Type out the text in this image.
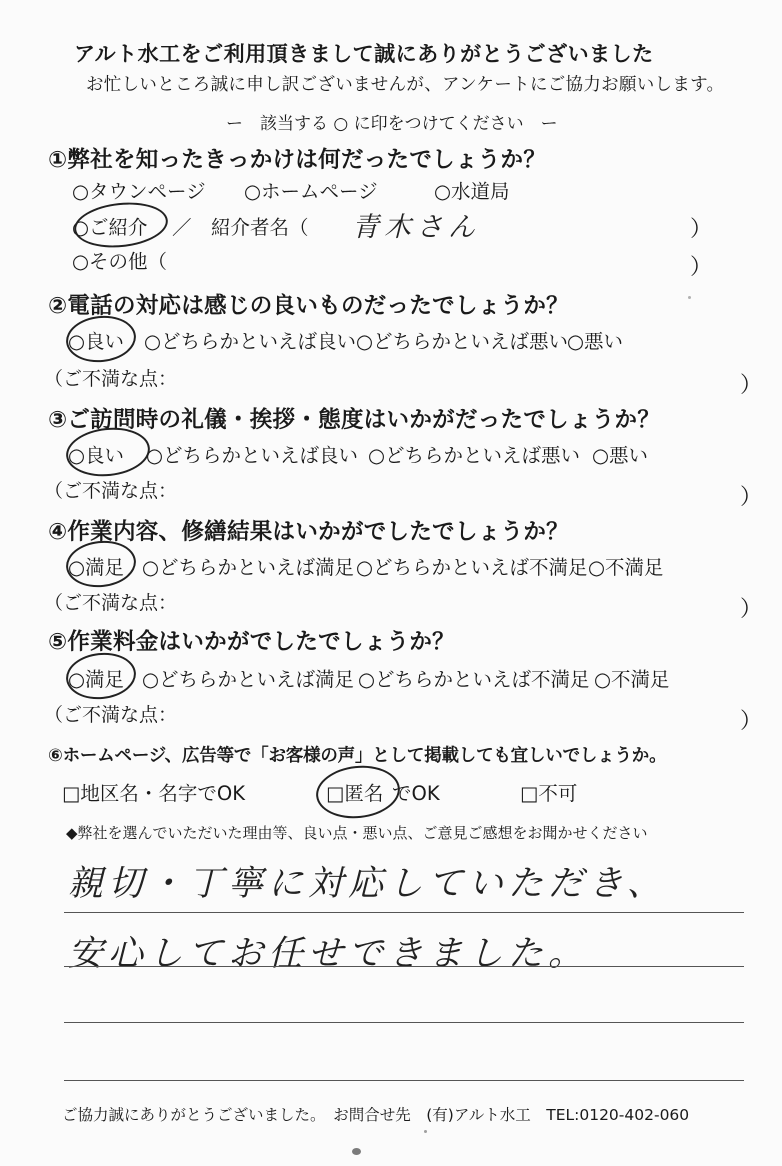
アルト水工をご利用頂きまして誠にありがとうございました
お忙しいところ誠に申し訳ございませんが、アンケートにご協力お願いします。
ー　該当する ○ に印をつけてください　ー
①弊社を知ったきっかけは何だったでしょうか？
○タウンページ ○ホームページ	○水道局
○ご紹介 ／　紹介者名（ 青木さん	）
○その他（	）
②電話の対応は感じの良いものだったでしょうか？
○良い ○どちらかといえば良い ○どちらかといえば悪い
○悪い
（ご不満な点：	）
③ご訪問時の礼儀・挨拶・態度はいかがだったでしょうか？
○良い ○どちらかといえば良い ○どちらかといえば悪い ○悪い
（ご不満な点：	）
④作業内容、修繕結果はいかがでしたでしょうか？
○満足 ○どちらかといえば満足 ○どちらかといえば不満足 ○不満足
（ご不満な点：	）
⑤作業料金はいかがでしたでしょうか？
○満足 ○どちらかといえば満足 ○どちらかといえば不満足 ○不満足
（ご不満な点：	）
⑥ホームページ、広告等で「お客様の声」として掲載しても宜しいでしょうか。
□地区名・名字でOK	□匿名 でOK	□不可
◆弊社を選んでいただいた理由等、良い点・悪い点、ご意見ご感想をお聞かせください
親切・丁寧に対応していただき、
安心してお任せできました。
ご協力誠にありがとうございました。　お問合せ先　(有)アルト水工　TEL:0120-402-060
